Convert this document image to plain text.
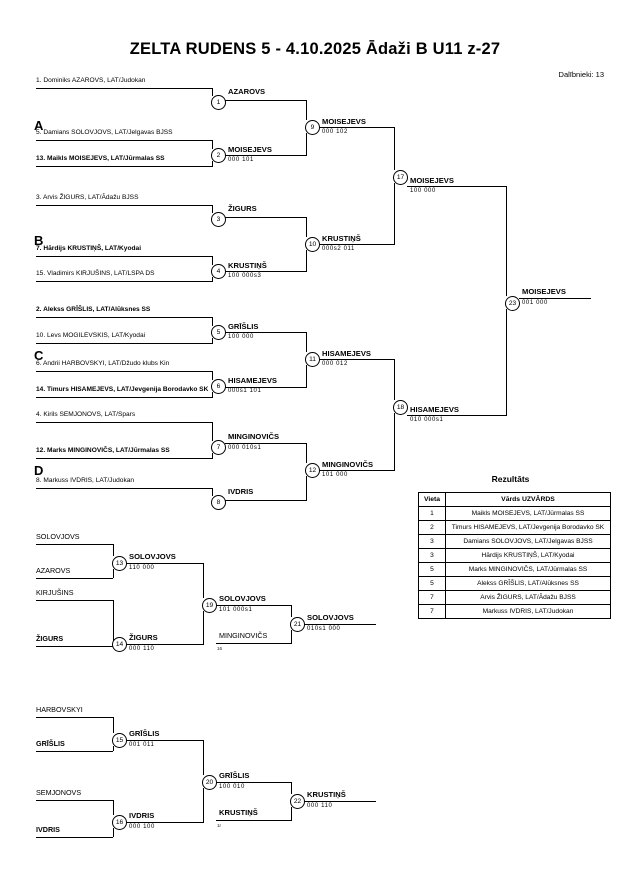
ZELTA RUDENS 5 - 4.10.2025 Ādaži B U11 z-27
Dalībnieki: 13
A
B
C
D
1. Dominiks AZAROVS, LAT/Judokan
5. Damians SOLOVJOVS, LAT/Jelgavas BJSS
13. Maikls MOISEJEVS, LAT/Jūrmalas SS
3. Arvis ŽIGURS, LAT/Ādažu BJSS
7. Hārdijs KRUSTIŅŠ, LAT/Kyodai
15. Vladimirs KIRJUŠINS, LAT/LSPA DS
2. Alekss GRĪŠLIS, LAT/Alūksnes SS
10. Levs MOGILEVSKIS, LAT/Kyodai
6. Andrii HARBOVSKYI, LAT/Džudo klubs Kin
14. Timurs HISAMEJEVS, LAT/Jevgenija Borodavko SK
4. Kirils SEMJONOVS, LAT/Spars
12. Marks MINGINOVIČS, LAT/Jūrmalas SS
8. Markuss IVDRIS, LAT/Judokan
1
AZAROVS
2
MOISEJEVS
000 101
3
ŽIGURS
4
KRUSTIŅŠ
100 000s3
5
GRĪŠLIS
100 000
6
HISAMEJEVS
000s1 101
7
MINGINOVIČS
000 010s1
8
IVDRIS
9
MOISEJEVS
000 102
10
KRUSTIŅŠ
000s2 011
11
HISAMEJEVS
000 012
12
MINGINOVIČS
101 000
17 MOISEJEVS
100 000
18 HISAMEJEVS
010 000s1
23
MOISEJEVS
001 000
SOLOVJOVS
AZAROVS
KIRJUŠINS
ŽIGURS
HARBOVSKYI
GRĪŠLIS
SEMJONOVS
IVDRIS
13
SOLOVJOVS
110 000
14
ŽIGURS
000 110
15
GRĪŠLIS
001 011
16
IVDRIS
000 100
19
SOLOVJOVS
101 000s1
MINGINOVIČS
16
20
GRĪŠLIS
100 010
KRUSTIŅŠ
1r
21
SOLOVJOVS
010s1 000
22
KRUSTIŅŠ
000 110
Rezultāts
Vieta	Vārds UZVĀRDS
1	Maikls MOISEJEVS, LAT/Jūrmalas SS
2	Timurs HISAMEJEVS, LAT/Jevgenija Borodavko SK
3	Damians SOLOVJOVS, LAT/Jelgavas BJSS
3	Hārdijs KRUSTIŅŠ, LAT/Kyodai
5	Marks MINGINOVIČS, LAT/Jūrmalas SS
5	Alekss GRĪŠLIS, LAT/Alūksnes SS
7	Arvis ŽIGURS, LAT/Ādažu BJSS
7	Markuss IVDRIS, LAT/Judokan
